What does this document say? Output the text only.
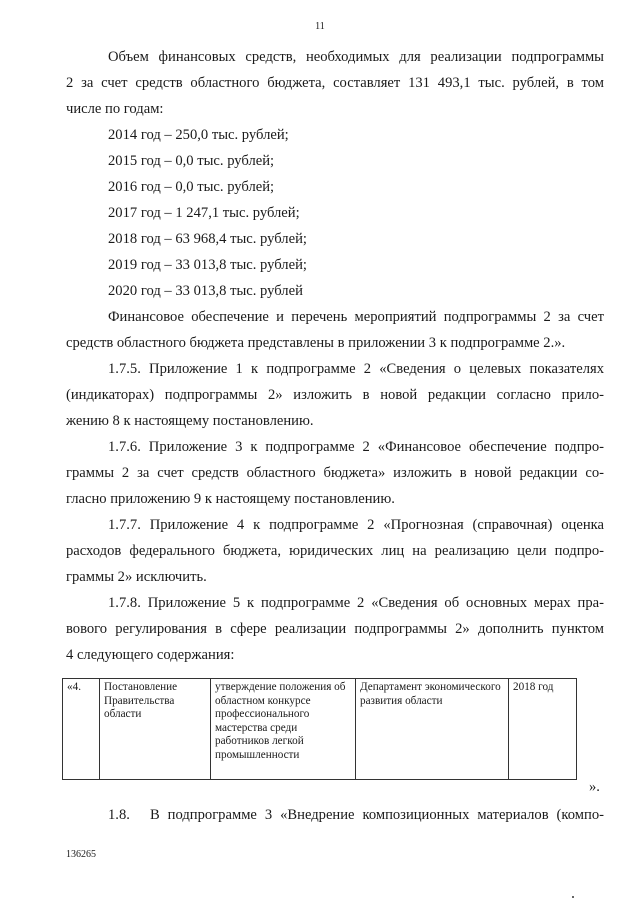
11
Объем финансовых средств, необходимых для реализации подпрограммы
2 за счет средств областного бюджета, составляет 131 493,1 тыс. рублей, в том
числе по годам:
2014 год – 250,0 тыс. рублей;
2015 год – 0,0 тыс. рублей;
2016 год – 0,0 тыс. рублей;
2017 год – 1 247,1 тыс. рублей;
2018 год – 63 968,4 тыс. рублей;
2019 год – 33 013,8 тыс. рублей;
2020 год – 33 013,8 тыс. рублей
Финансовое обеспечение и перечень мероприятий подпрограммы 2 за счет
средств областного бюджета представлены в приложении 3 к подпрограмме 2.».
1.7.5. Приложение 1 к подпрограмме 2 «Сведения о целевых показателях
(индикаторах) подпрограммы 2» изложить в новой редакции согласно прило-
жению 8 к настоящему постановлению.
1.7.6. Приложение 3 к подпрограмме 2 «Финансовое обеспечение подпро-
граммы 2 за счет средств областного бюджета» изложить в новой редакции со-
гласно приложению 9 к настоящему постановлению.
1.7.7. Приложение 4 к подпрограмме 2 «Прогнозная (справочная) оценка
расходов федерального бюджета, юридических лиц на реализацию цели подпро-
граммы 2» исключить.
1.7.8. Приложение 5 к подпрограмме 2 «Сведения об основных мерах пра-
вового регулирования в сфере реализации подпрограммы 2» дополнить пунктом
4 следующего содержания:
«4.	Постановление Правительства области	утверждение положения об областном конкурсе профессионального мастерства среди работников легкой промышленности	Департамент экономического развития области	2018 год
».
1.8. В подпрограмме 3 «Внедрение композиционных материалов (компо-
136265
